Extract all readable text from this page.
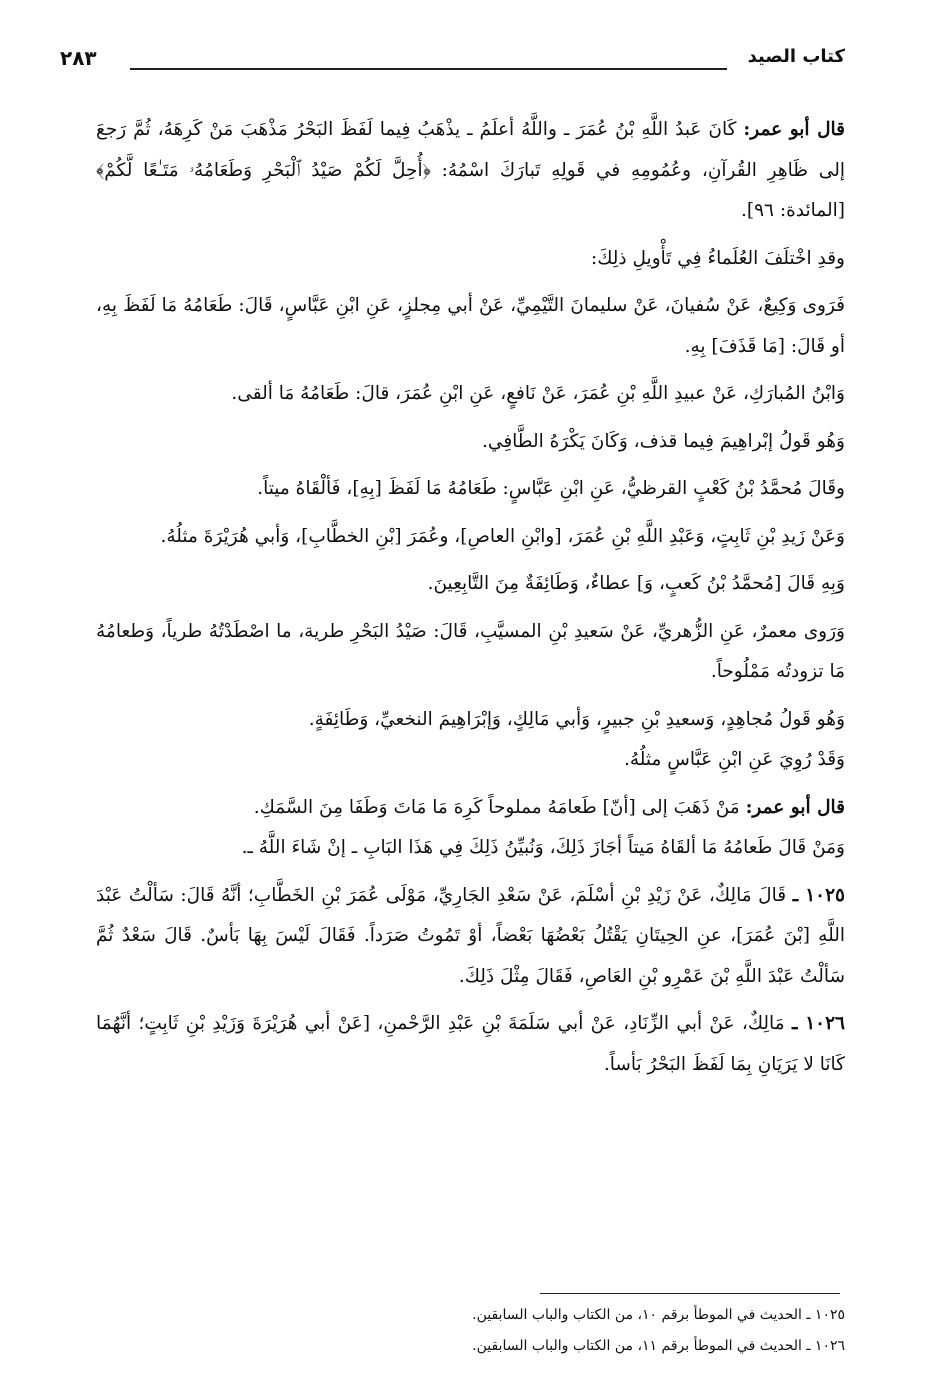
كتاب الصيد
٢٨٣

قال أبو عمر: كَانَ عَبدُ اللَّهِ بْنُ عُمَرَ ـ واللَّهُ أعلَمُ ـ يذْهَبُ فِيما لَفَظَ البَحْرُ مَذْهَبَ مَنْ كَرِهَهُ، ثُمَّ رَجعَ إلى ظَاهِرِ القُرآنِ، وعُمُومِهِ في قَولِهِ تَبارَكَ اسْمُهُ: ﴿أُحِلَّ لَكُمْ صَيْدُ ٱلْبَحْرِ وَطَعَامُهُۥ مَتَـٰعًا لَّكُمْ﴾ [المائدة: ٩٦].

وقدِ اخْتلَفَ العُلَماءُ فِي تَأْويلِ ذلِكَ:

فَرَوى وَكِيعٌ، عَنْ سُفيانَ، عَنْ سليمانَ التَّيْمِيِّ، عَنْ أبي مِجلزٍ، عَنِ ابْنِ عَبَّاسٍ، قَالَ: طَعَامُهُ مَا لَفَظَ بِهِ، أو قَالَ: [مَا قَذَفَ] بِهِ.

وَابْنُ المُبارَكِ، عَنْ عبيدِ اللَّهِ بْنِ عُمَرَ، عَنْ نَافعٍ، عَنِ ابْنِ عُمَرَ، قالَ: طَعَامُهُ مَا ألقى.

وَهُو قَولُ إبْراهِيمَ فِيما قذف، وَكَانَ يَكْرَهُ الطَّافِي.

وقَالَ مُحمَّدُ بْنُ كَعْبٍ القرظيُّ، عَنِ ابْنِ عَبَّاسٍ: طَعَامُهُ مَا لَفَظَ [بِهِ]، فَألْقَاهُ ميتاً.

وَعَنْ زَيدِ بْنِ ثَابِتٍ، وَعَبْدِ اللَّهِ بْنِ عُمَرَ، [وابْنِ العاصِ]، وعُمَرَ [بْنِ الخطَّابِ]، وَأبي هُرَيْرَةَ مثلُهُ.

وَبِهِ قَالَ [مُحمَّدُ بْنُ كَعبٍ، وَ] عطاءٌ، وَطَائِفَةٌ مِنَ التَّابِعِينَ.

وَرَوى معمرٌ، عَنِ الزُّهريِّ، عَنْ سَعيدِ بْنِ المسيَّبِ، قَالَ: صَيْدُ البَحْرِ طرية، ما اصْطَدْتُهُ طرياً، وَطعامُهُ مَا تزودتُه مَمْلُوحاً.

وَهُو قَولُ مُجاهِدٍ، وَسعيدِ بْنِ جبيرٍ، وَأبي مَالِكٍ، وَإبْرَاهِيمَ النخعيِّ، وَطَائِفَةٍ.

وَقَدْ رُوِيَ عَنِ ابْنِ عَبَّاسٍ مثلُهُ.

قال أبو عمر: مَنْ ذَهَبَ إلى [أنّ] طَعامَهُ مملوحاً كَرِهَ مَا مَاتَ وَطَفَا مِنَ السَّمَكِ.

وَمَنْ قَالَ طَعامُهُ مَا ألقَاهُ مَيتاً أجَازَ ذَلِكَ، وَنُبيِّنُ ذَلِكَ فِي هَذَا البَابِ ـ إنْ شَاءَ اللَّهُ ـ.

١٠٢٥ ـ قَالَ مَالِكٌ، عَنْ زَيْدِ بْنِ أسْلَمَ، عَنْ سَعْدِ الجَارِيِّ، مَوْلَى عُمَرَ بْنِ الخَطَّابِ؛ أنَّهُ قَالَ: سَألْتُ عَبْدَ اللَّهِ [بْنَ عُمَرَ]، عنِ الحِيتَانِ يَقْتُلُ بَعْضُهَا بَعْضاً، أوْ تَمُوتُ صَرَداً. فَقَالَ لَيْسَ بِهَا بَأسٌ. قَالَ سَعْدٌ ثُمَّ سَألْتُ عَبْدَ اللَّهِ بْنَ عَمْرِو بْنِ العَاصِ، فَقَالَ مِثْلَ ذَلِكَ.

١٠٢٦ ـ مَالِكٌ، عَنْ أبي الزِّنَادِ، عَنْ أبي سَلَمَةَ بْنِ عَبْدِ الرَّحْمنِ، [عَنْ أبي هُرَيْرَةَ وَزَيْدِ بْنِ ثَابِتٍ؛ أنَّهُمَا كَانَا لا يَرَيَانِ بِمَا لَفَظَ البَحْرُ بَأساً.

١٠٢٥ ـ الحديث في الموطأ برقم ١٠، من الكتاب والباب السابقين.

١٠٢٦ ـ الحديث في الموطأ برقم ١١، من الكتاب والباب السابقين.
